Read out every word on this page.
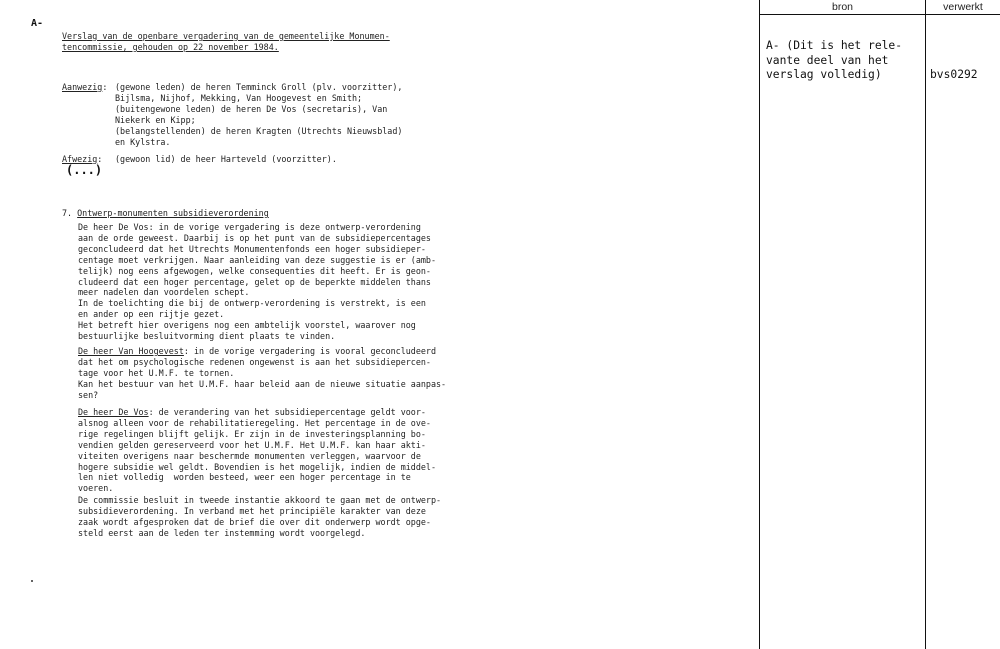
A-
Verslag van de openbare vergadering van de gemeentelijke Monumen-
tencommissie, gehouden op 22 november 1984.
Aanwezig: (gewone leden) de heren Temminck Groll (plv. voorzitter),
Bijlsma, Nijhof, Mekking, Van Hoogevest en Smith;
(buitengewone leden) de heren De Vos (secretaris), Van
Niekerk en Kipp;
(belangstellenden) de heren Kragten (Utrechts Nieuwsblad)
en Kylstra.
Afwezig: (gewoon lid) de heer Harteveld (voorzitter).
(...)
7. Ontwerp-monumenten subsidieverordening
De heer De Vos: in de vorige vergadering is deze ontwerp-verordening
aan de orde geweest. Daarbij is op het punt van de subsidiepercentages
geconcludeerd dat het Utrechts Monumentenfonds een hoger subsidieper-
centage moet verkrijgen. Naar aanleiding van deze suggestie is er (amb-
telijk) nog eens afgewogen, welke consequenties dit heeft. Er is geon-
cludeerd dat een hoger percentage, gelet op de beperkte middelen thans
meer nadelen dan voordelen schept.
In de toelichting die bij de ontwerp-verordening is verstrekt, is een
en ander op een rijtje gezet.
Het betreft hier overigens nog een ambtelijk voorstel, waarover nog
bestuurlijke besluitvorming dient plaats te vinden.
De heer Van Hoogevest: in de vorige vergadering is vooral geconcludeerd
dat het om psychologische redenen ongewenst is aan het subsidiepercen-
tage voor het U.M.F. te tornen.
Kan het bestuur van het U.M.F. haar beleid aan de nieuwe situatie aanpas-
sen?
De heer De Vos: de verandering van het subsidiepercentage geldt voor-
alsnog alleen voor de rehabilitatieregeling. Het percentage in de ove-
rige regelingen blijft gelijk. Er zijn in de investeringsplanning bo-
vendien gelden gereserveerd voor het U.M.F. Het U.M.F. kan haar akti-
viteiten overigens naar beschermde monumenten verleggen, waarvoor de
hogere subsidie wel geldt. Bovendien is het mogelijk, indien de middel-
len niet volledig  worden besteed, weer een hoger percentage in te
voeren.
De commissie besluit in tweede instantie akkoord te gaan met de ontwerp-
subsidieverordening. In verband met het principiële karakter van deze
zaak wordt afgesproken dat de brief die over dit onderwerp wordt opge-
steld eerst aan de leden ter instemming wordt voorgelegd.
bron	verwerkt
A- (Dit is het rele-
vante deel van het
verslag volledig)	bvs0292
